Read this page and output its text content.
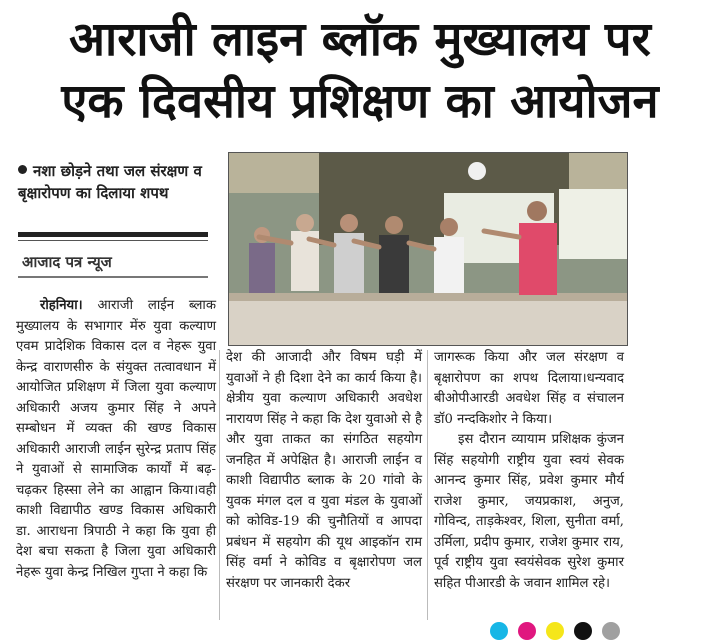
आराजी लाइन ब्लॉक मुख्यालय पर
एक दिवसीय प्रशिक्षण का आयोजन
नशा छोड़ने तथा जल संरक्षण व बृक्षारोपण का दिलाया शपथ
आजाद पत्र न्यूज

रोहनिया। आराजी लाईन ब्लाक मुख्यालय के सभागार मेंरु युवा कल्याण एवम प्रादेशिक विकास दल व नेहरू युवा केन्द्र वाराणसीरु के संयुक्त तत्वावधान में आयोजित प्रशिक्षण में जिला युवा कल्याण अधिकारी अजय कुमार सिंह ने अपने सम्बोधन में व्यक्त की खण्ड विकास अधिकारी आराजी लाईन सुरेन्द्र प्रताप सिंह ने युवाओं से सामाजिक कार्यों में बढ़- चढ़कर हिस्सा लेने का आह्वान किया।वही काशी विद्यापीठ खण्ड विकास अधिकारी डा. आराधना त्रिपाठी ने कहा कि युवा ही देश बचा सकता है जिला युवा अधिकारी नेहरू युवा केन्द्र निखिल गुप्ता ने कहा कि

देश की आजादी और विषम घड़ी में युवाओं ने ही दिशा देने का कार्य किया है। क्षेत्रीय युवा कल्याण अधिकारी अवधेश नारायण सिंह ने कहा कि देश युवाओ से है और युवा ताकत का संगठित सहयोग जनहित में अपेक्षित है। आराजी लाईन व काशी विद्यापीठ ब्लाक के 20 गांवो के युवक मंगल दल व युवा मंडल के युवाओं को कोविड-19 की चुनौतियों व आपदा प्रबंधन में सहयोग की यूथ आइकॉन राम सिंह वर्मा ने कोविड व बृक्षारोपण जल संरक्षण पर जानकारी देकर

जागरूक किया और जल संरक्षण व बृक्षारोपण का शपथ दिलाया।धन्यवाद बीओपीआरडी अवधेश सिंह व संचालन डॉ0 नन्दकिशोर ने किया।

इस दौरान व्यायाम प्रशिक्षक कुंजन सिंह सहयोगी राष्ट्रीय युवा स्वयं सेवक आनन्द कुमार सिंह, प्रवेश कुमार मौर्य राजेश कुमार, जयप्रकाश, अनुज, गोविन्द, ताड़केश्वर, शिला, सुनीता वर्मा, उर्मिला, प्रदीप कुमार, राजेश कुमार राय, पूर्व राष्ट्रीय युवा स्वयंसेवक सुरेश कुमार सहित पीआरडी के जवान शामिल रहे।
